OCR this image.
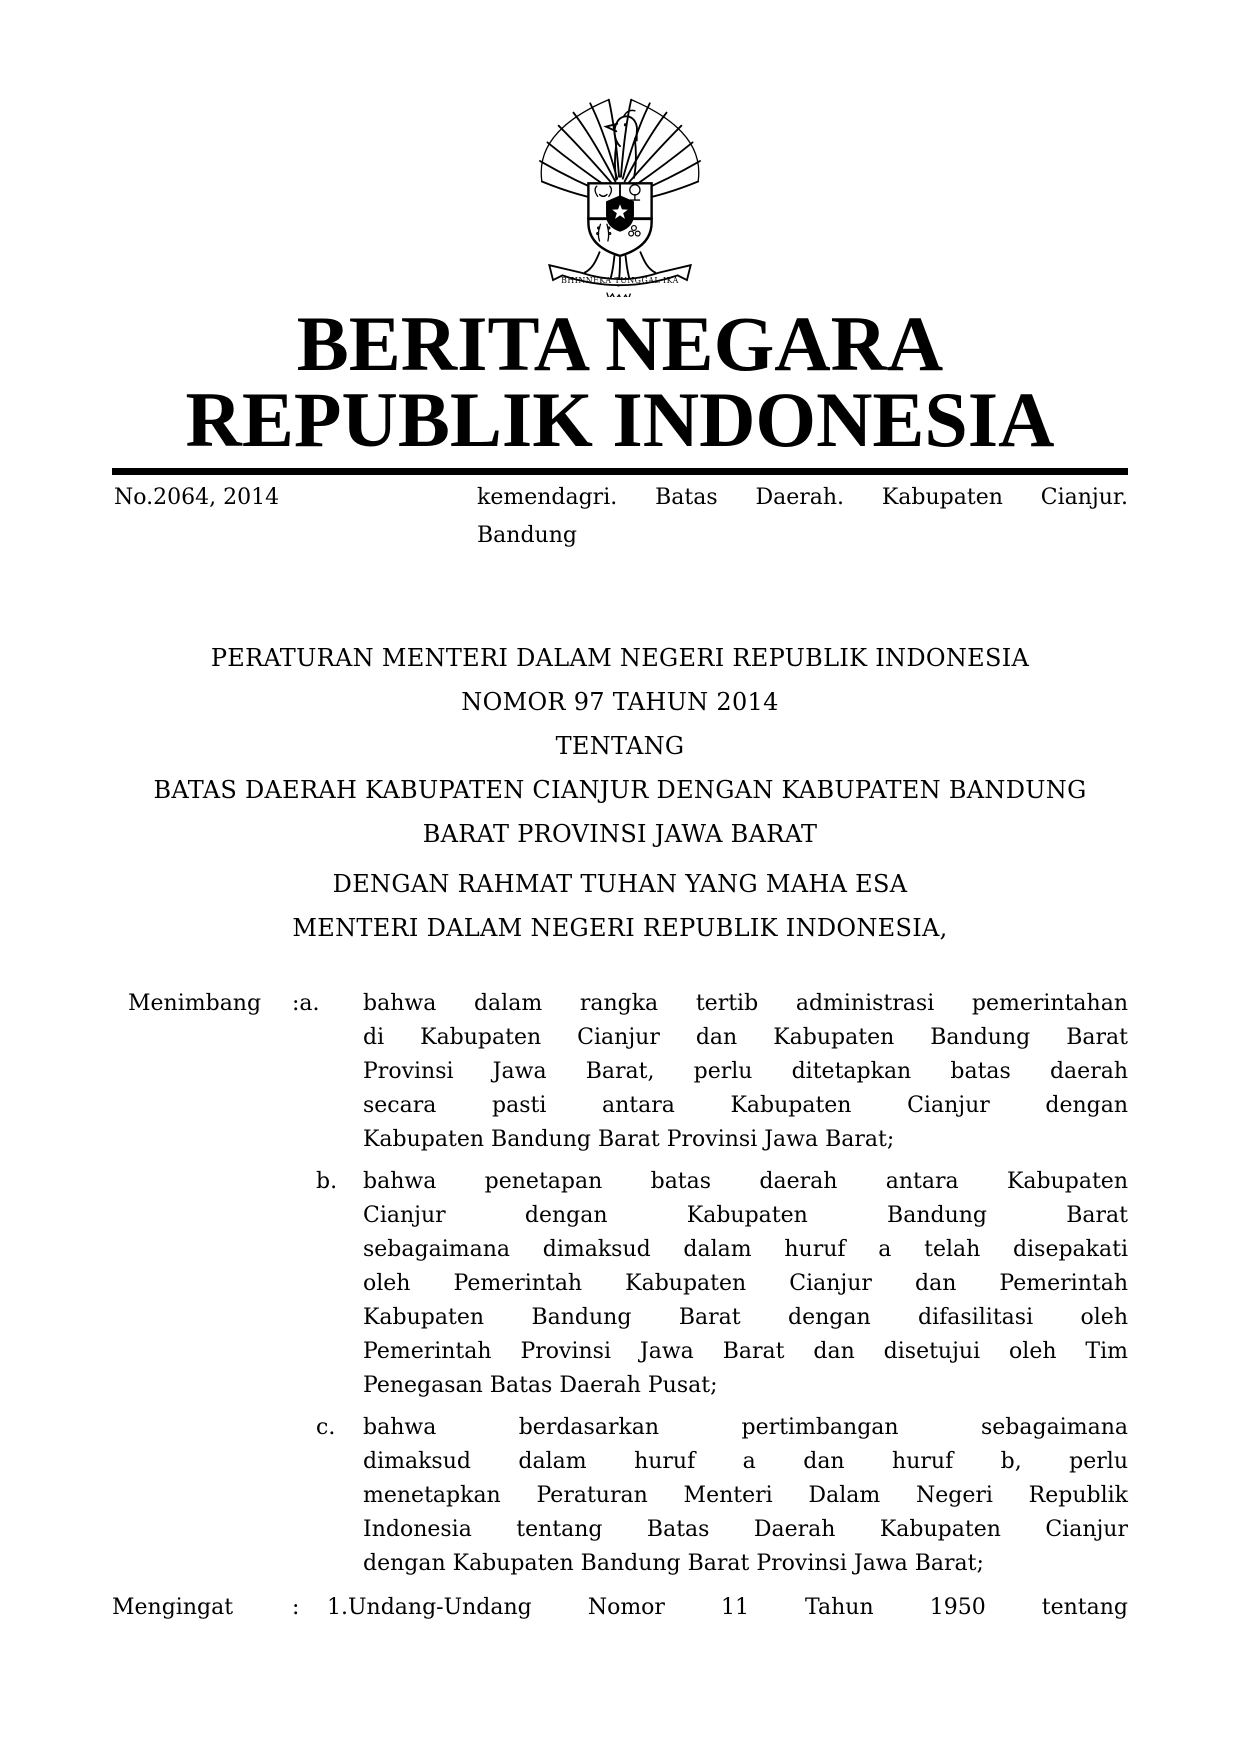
BHINNEKA TUNGGAL IKA
BERITA NEGARA
REPUBLIK INDONESIA
No.2064, 2014	kemendagri. Batas Daerah. Kabupaten Cianjur.
Bandung
PERATURAN MENTERI DALAM NEGERI REPUBLIK INDONESIA
NOMOR 97 TAHUN 2014
TENTANG
BATAS DAERAH KABUPATEN CIANJUR DENGAN KABUPATEN BANDUNG
BARAT PROVINSI JAWA BARAT
DENGAN RAHMAT TUHAN YANG MAHA ESA
MENTERI DALAM NEGERI REPUBLIK INDONESIA,
Menimbang	:a.	bahwa dalam rangka tertib administrasi pemerintahan
di Kabupaten Cianjur dan Kabupaten Bandung Barat
Provinsi Jawa Barat, perlu ditetapkan batas daerah
secara pasti antara Kabupaten Cianjur dengan
Kabupaten Bandung Barat Provinsi Jawa Barat;
b.	bahwa penetapan batas daerah antara Kabupaten
Cianjur dengan Kabupaten Bandung Barat
sebagaimana dimaksud dalam huruf a telah disepakati
oleh Pemerintah Kabupaten Cianjur dan Pemerintah
Kabupaten Bandung Barat dengan difasilitasi oleh
Pemerintah Provinsi Jawa Barat dan disetujui oleh Tim
Penegasan Batas Daerah Pusat;
c.	bahwa berdasarkan pertimbangan sebagaimana
dimaksud dalam huruf a dan huruf b, perlu
menetapkan Peraturan Menteri Dalam Negeri Republik
Indonesia tentang Batas Daerah Kabupaten Cianjur
dengan Kabupaten Bandung Barat Provinsi Jawa Barat;
Mengingat	:	1.Undang-Undang Nomor 11 Tahun 1950 tentang
